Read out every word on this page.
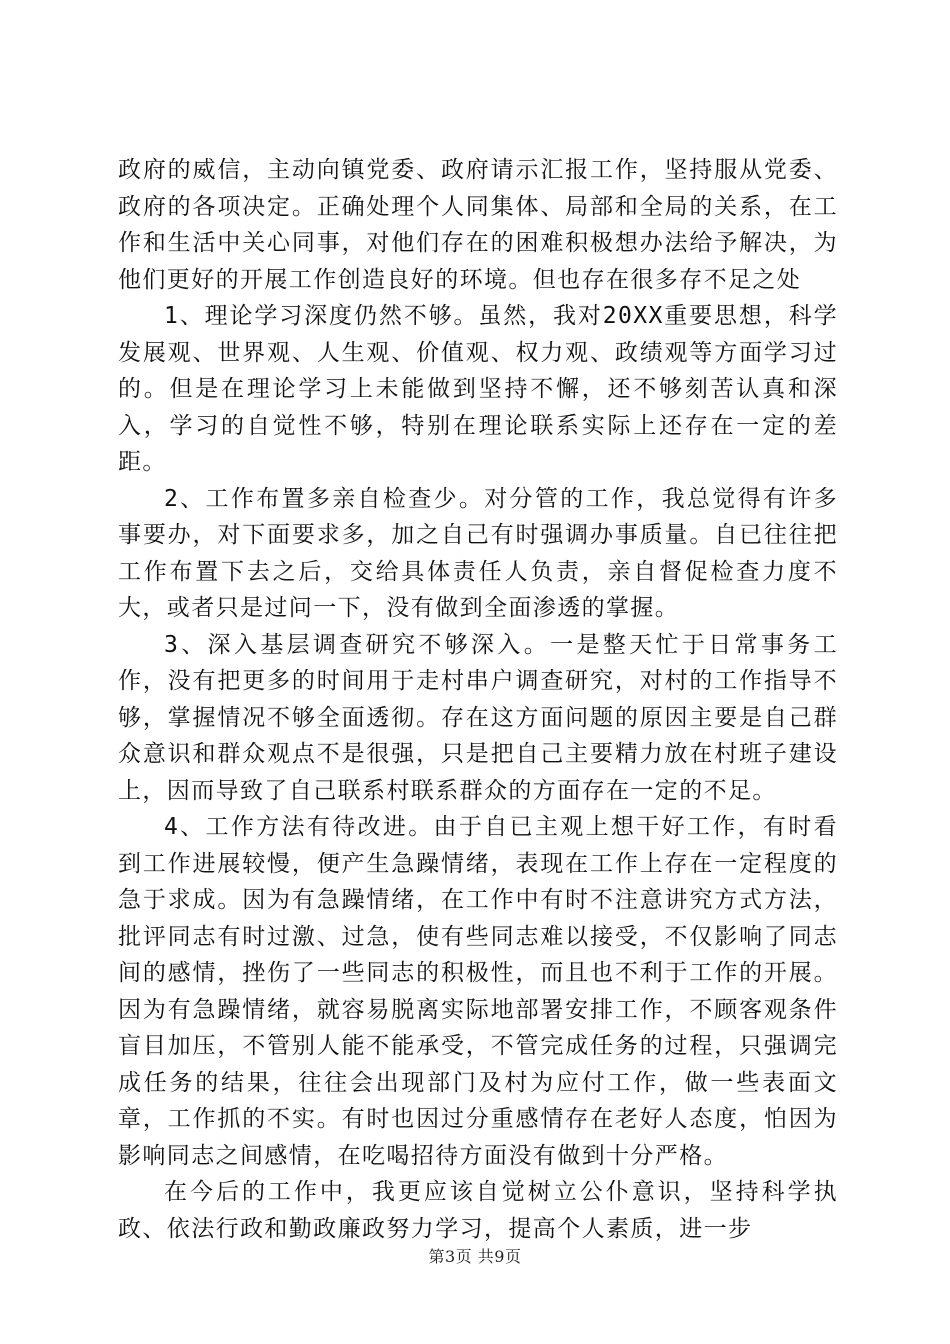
政府的威信，主动向镇党委、政府请示汇报工作，坚持服从党委、政府的各项决定。正确处理个人同集体、局部和全局的关系，在工作和生活中关心同事，对他们存在的困难积极想办法给予解决，为他们更好的开展工作创造良好的环境。但也存在很多存不足之处

1、理论学习深度仍然不够。虽然，我对20XX重要思想，科学发展观、世界观、人生观、价值观、权力观、政绩观等方面学习过的。但是在理论学习上未能做到坚持不懈，还不够刻苦认真和深入，学习的自觉性不够，特别在理论联系实际上还存在一定的差距。

2、工作布置多亲自检查少。对分管的工作，我总觉得有许多事要办，对下面要求多，加之自己有时强调办事质量。自已往往把工作布置下去之后，交给具体责任人负责，亲自督促检查力度不大，或者只是过问一下，没有做到全面渗透的掌握。

3、深入基层调查研究不够深入。一是整天忙于日常事务工作，没有把更多的时间用于走村串户调查研究，对村的工作指导不够，掌握情况不够全面透彻。存在这方面问题的原因主要是自己群众意识和群众观点不是很强，只是把自己主要精力放在村班子建设上，因而导致了自己联系村联系群众的方面存在一定的不足。

4、工作方法有待改进。由于自已主观上想干好工作，有时看到工作进展较慢，便产生急躁情绪，表现在工作上存在一定程度的急于求成。因为有急躁情绪，在工作中有时不注意讲究方式方法，批评同志有时过激、过急，使有些同志难以接受，不仅影响了同志间的感情，挫伤了一些同志的积极性，而且也不利于工作的开展。因为有急躁情绪，就容易脱离实际地部署安排工作，不顾客观条件盲目加压，不管别人能不能承受，不管完成任务的过程，只强调完成任务的结果，往往会出现部门及村为应付工作，做一些表面文章，工作抓的不实。有时也因过分重感情存在老好人态度，怕因为影响同志之间感情，在吃喝招待方面没有做到十分严格。

在今后的工作中，我更应该自觉树立公仆意识，坚持科学执政、依法行政和勤政廉政努力学习，提高个人素质，进一步

第3页 共9页
